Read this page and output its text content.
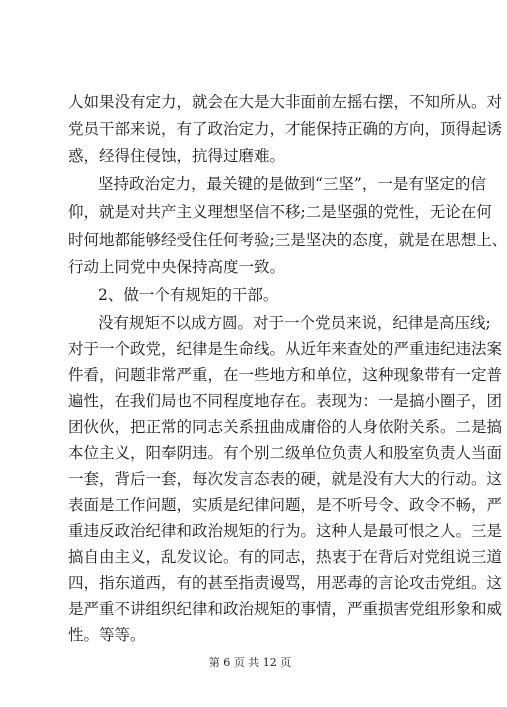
人如果没有定力，就会在大是大非面前左摇右摆，不知所从。对
党员干部来说，有了政治定力，才能保持正确的方向，顶得起诱
惑，经得住侵蚀，抗得过磨难。
坚持政治定力，最关键的是做到“三坚”，一是有坚定的信
仰，就是对共产主义理想坚信不移;二是坚强的党性，无论在何
时何地都能够经受住任何考验;三是坚决的态度，就是在思想上、
行动上同党中央保持高度一致。
2、做一个有规矩的干部。
没有规矩不以成方圆。对于一个党员来说，纪律是高压线;
对于一个政党，纪律是生命线。从近年来查处的严重违纪违法案
件看，问题非常严重，在一些地方和单位，这种现象带有一定普
遍性，在我们局也不同程度地存在。表现为：一是搞小圈子，团
团伙伙，把正常的同志关系扭曲成庸俗的人身依附关系。二是搞
本位主义，阳奉阴违。有个别二级单位负责人和股室负责人当面
一套，背后一套，每次发言态表的硬，就是没有大大的行动。这
表面是工作问题，实质是纪律问题，是不听号令、政令不畅，严
重违反政治纪律和政治规矩的行为。这种人是最可恨之人。三是
搞自由主义，乱发议论。有的同志，热衷于在背后对党组说三道
四，指东道西，有的甚至指责谩骂，用恶毒的言论攻击党组。这
是严重不讲组织纪律和政治规矩的事情，严重损害党组形象和威
第 6 页 共 12 页
性。等等。
